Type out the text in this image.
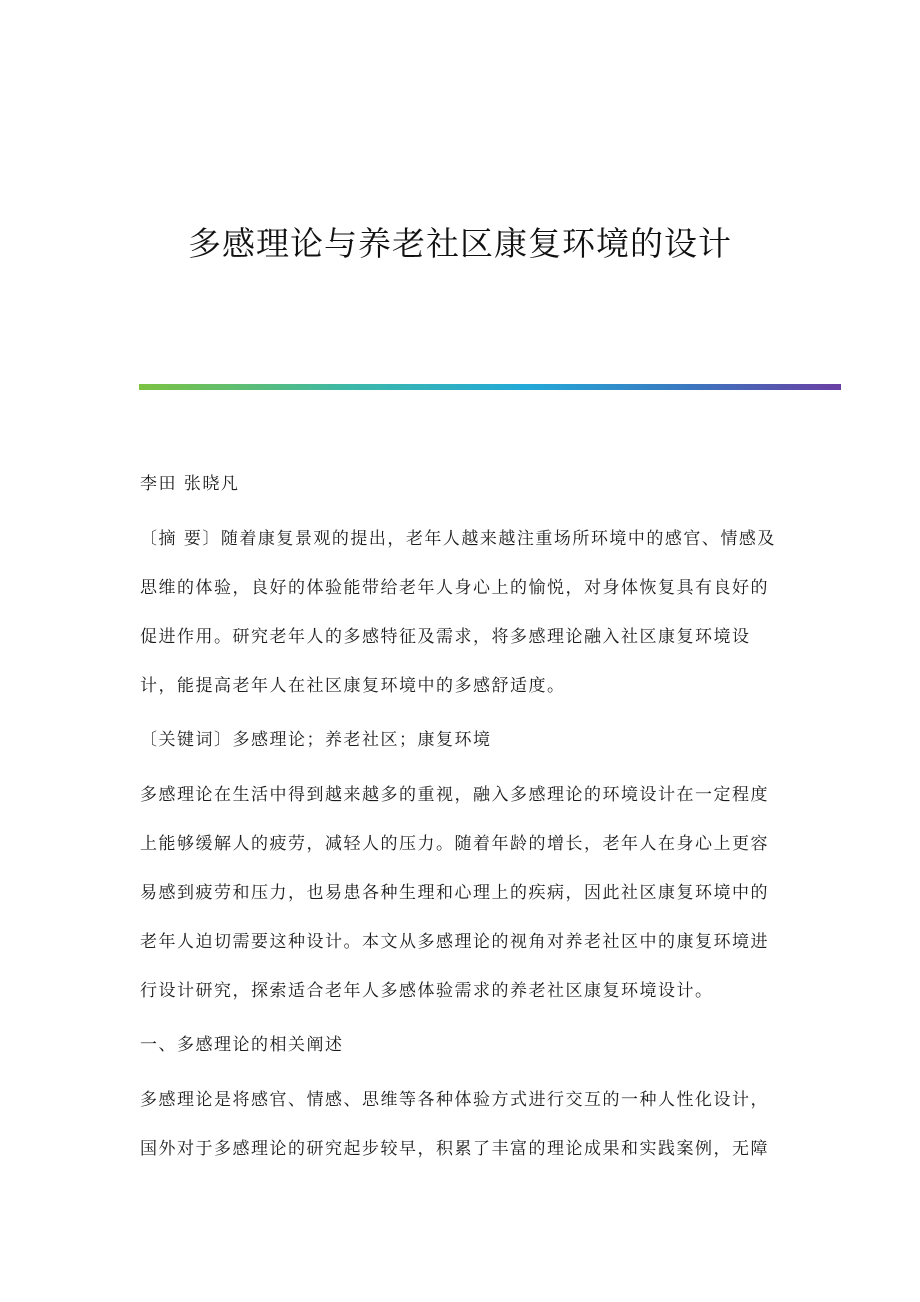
多感理论与养老社区康复环境的设计

李田 张晓凡

〔摘 要〕随着康复景观的提出，老年人越来越注重场所环境中的感官、情感及

思维的体验，良好的体验能带给老年人身心上的愉悦，对身体恢复具有良好的

促进作用。研究老年人的多感特征及需求，将多感理论融入社区康复环境设

计，能提高老年人在社区康复环境中的多感舒适度。

〔关键词〕多感理论；养老社区；康复环境

多感理论在生活中得到越来越多的重视，融入多感理论的环境设计在一定程度

上能够缓解人的疲劳，减轻人的压力。随着年龄的增长，老年人在身心上更容

易感到疲劳和压力，也易患各种生理和心理上的疾病，因此社区康复环境中的

老年人迫切需要这种设计。本文从多感理论的视角对养老社区中的康复环境进

行设计研究，探索适合老年人多感体验需求的养老社区康复环境设计。

一、多感理论的相关阐述

多感理论是将感官、情感、思维等各种体验方式进行交互的一种人性化设计，

国外对于多感理论的研究起步较早，积累了丰富的理论成果和实践案例，无障
